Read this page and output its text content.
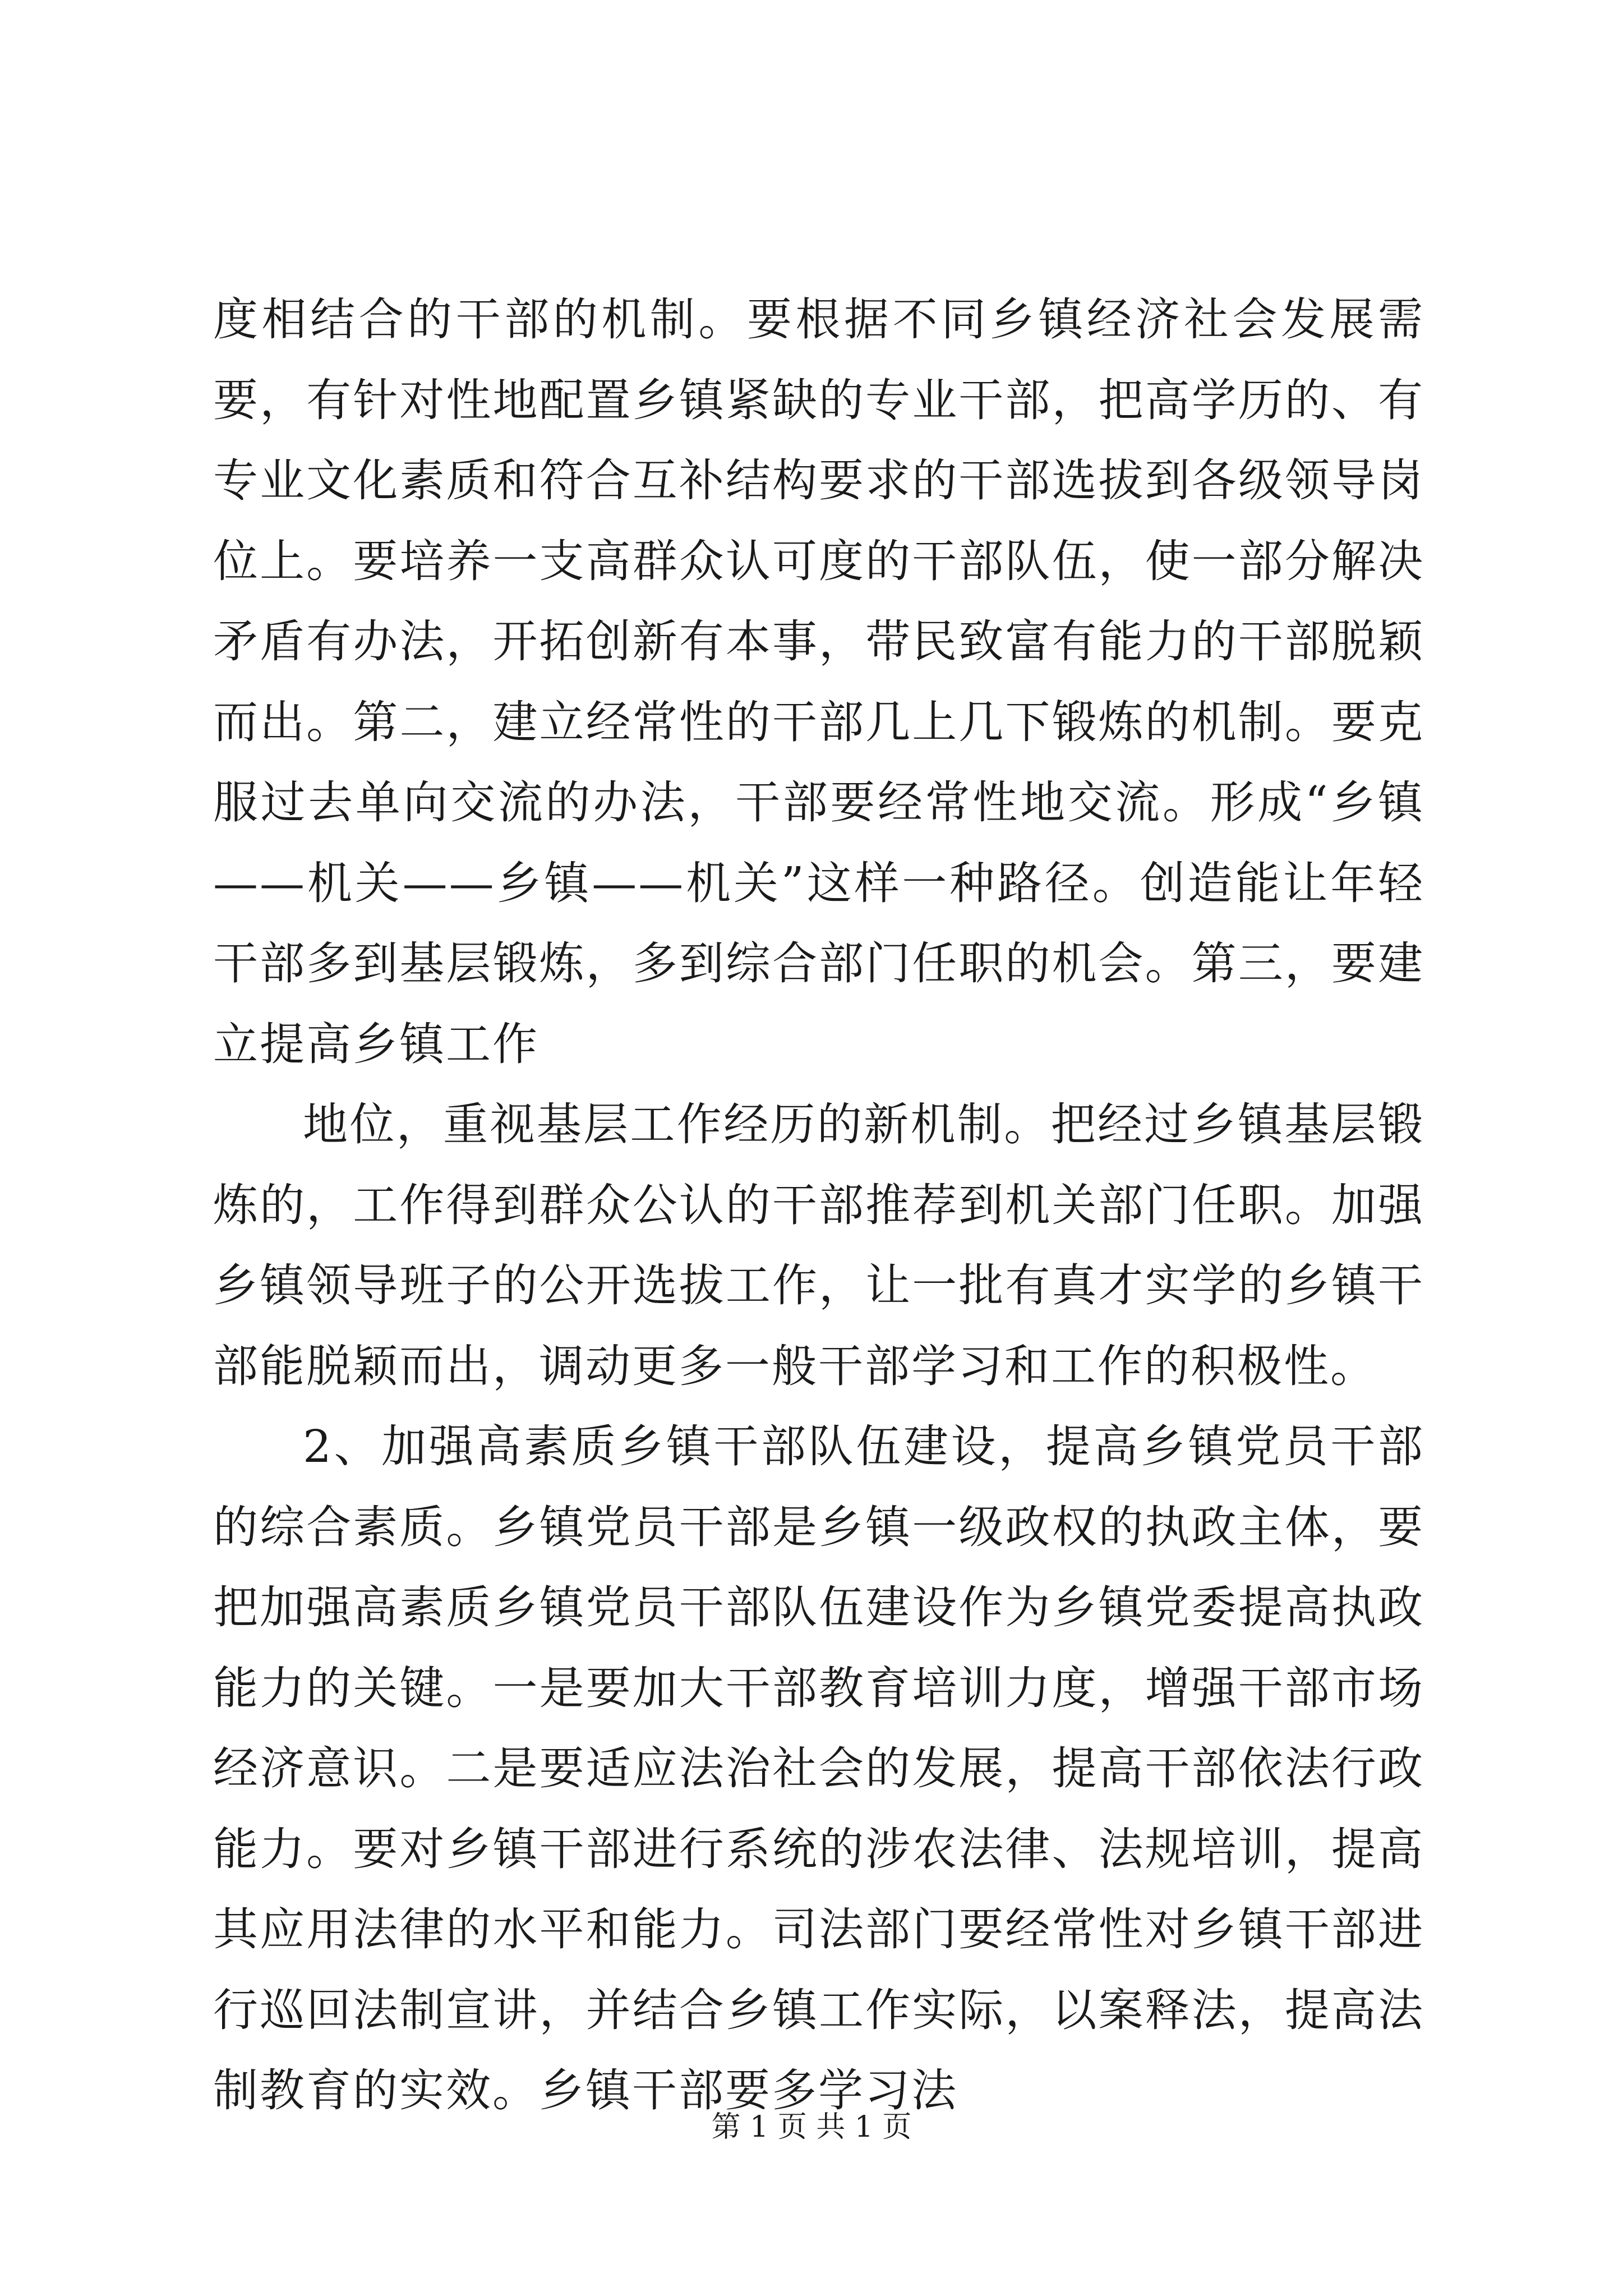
度相结合的干部的机制。要根据不同乡镇经济社会发展需要，有针对性地配置乡镇紧缺的专业干部，把高学历的、有专业文化素质和符合互补结构要求的干部选拔到各级领导岗位上。要培养一支高群众认可度的干部队伍，使一部分解决矛盾有办法，开拓创新有本事，带民致富有能力的干部脱颖而出。第二，建立经常性的干部几上几下锻炼的机制。要克服过去单向交流的办法，干部要经常性地交流。形成“乡镇——机关——乡镇——机关”这样一种路径。创造能让年轻干部多到基层锻炼，多到综合部门任职的机会。第三，要建立提高乡镇工作

地位，重视基层工作经历的新机制。把经过乡镇基层锻炼的，工作得到群众公认的干部推荐到机关部门任职。加强乡镇领导班子的公开选拔工作，让一批有真才实学的乡镇干部能脱颖而出，调动更多一般干部学习和工作的积极性。

2、加强高素质乡镇干部队伍建设，提高乡镇党员干部的综合素质。乡镇党员干部是乡镇一级政权的执政主体，要把加强高素质乡镇党员干部队伍建设作为乡镇党委提高执政能力的关键。一是要加大干部教育培训力度，增强干部市场经济意识。二是要适应法治社会的发展，提高干部依法行政能力。要对乡镇干部进行系统的涉农法律、法规培训，提高其应用法律的水平和能力。司法部门要经常性对乡镇干部进行巡回法制宣讲，并结合乡镇工作实际，以案释法，提高法制教育的实效。乡镇干部要多学习法

第 1 页 共 1 页
